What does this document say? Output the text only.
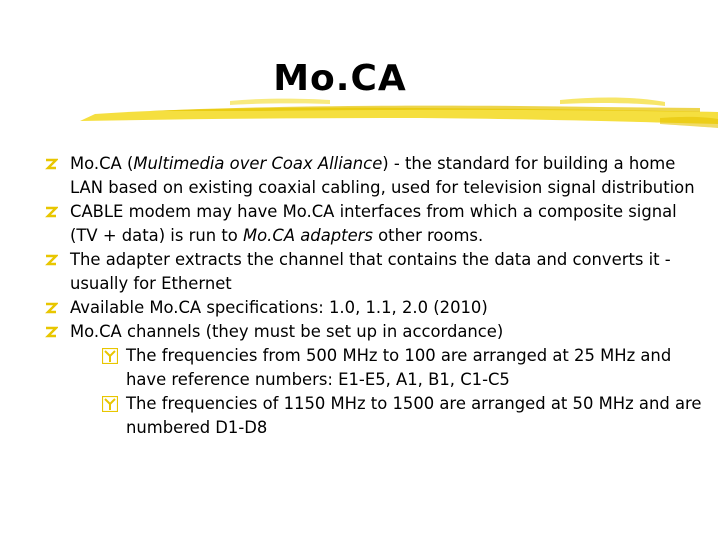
Mo.CA
Mo.CA (Multimedia over Coax Alliance) - the standard for building a home LAN based on existing coaxial cabling, used for television signal distribution
CABLE modem may have Mo.CA interfaces from which a composite signal (TV + data) is run to Mo.CA adapters other rooms.
The adapter extracts the channel that contains the data and converts it - usually for Ethernet
Available Mo.CA specifications: 1.0, 1.1, 2.0 (2010)
Mo.CA channels (they must be set up in accordance)
The frequencies from 500 MHz to 100 are arranged at 25 MHz and have reference numbers: E1-E5, A1, B1, C1-C5
The frequencies of 1150 MHz to 1500 are arranged at 50 MHz and are numbered D1-D8
